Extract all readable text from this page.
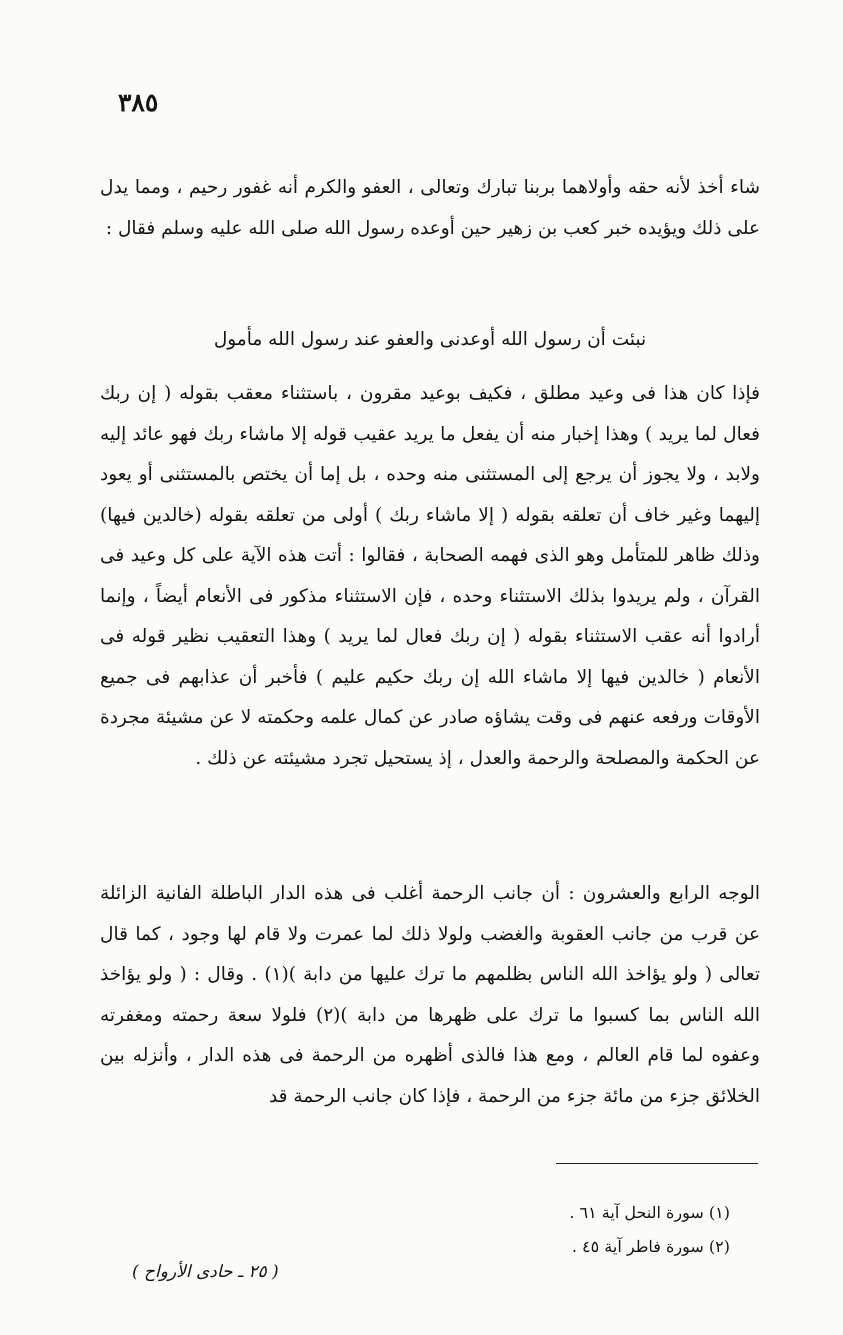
٣٨٥

شاء أخذ لأنه حقه وأولاهما بربنا تبارك وتعالى ، العفو والكرم أنه غفور رحيم ، ومما يدل على ذلك ويؤيده خبر كعب بن زهير حين أوعده رسول الله صلى الله عليه وسلم فقال :

نبئت أن رسول الله أوعدنى والعفو عند رسول الله مأمول

فإذا كان هذا فى وعيد مطلق ، فكيف بوعيد مقرون ، باستثناء معقب بقوله ( إن ربك فعال لما يريد ) وهذا إخبار منه أن يفعل ما يريد عقيب قوله إلا ماشاء ربك فهو عائد إليه ولابد ، ولا يجوز أن يرجع إلى المستثنى منه وحده ، بل إما أن يختص بالمستثنى أو يعود إليهما وغير خاف أن تعلقه بقوله ( إلا ماشاء ربك ) أولى من تعلقه بقوله (خالدين فيها) وذلك ظاهر للمتأمل وهو الذى فهمه الصحابة ، فقالوا : أتت هذه الآية على كل وعيد فى القرآن ، ولم يريدوا بذلك الاستثناء وحده ، فإن الاستثناء مذكور فى الأنعام أيضاً ، وإنما أرادوا أنه عقب الاستثناء بقوله ( إن ربك فعال لما يريد ) وهذا التعقيب نظير قوله فى الأنعام ( خالدين فيها إلا ماشاء الله إن ربك حكيم عليم ) فأخبر أن عذابهم فى جميع الأوقات ورفعه عنهم فى وقت يشاؤه صادر عن كمال علمه وحكمته لا عن مشيئة مجردة عن الحكمة والمصلحة والرحمة والعدل ، إذ يستحيل تجرد مشيئته عن ذلك .

الوجه الرابع والعشرون : أن جانب الرحمة أغلب فى هذه الدار الباطلة الفانية الزائلة عن قرب من جانب العقوبة والغضب ولولا ذلك لما عمرت ولا قام لها وجود ، كما قال تعالى ( ولو يؤاخذ الله الناس بظلمهم ما ترك عليها من دابة )(١) . وقال : ( ولو يؤاخذ الله الناس بما كسبوا ما ترك على ظهرها من دابة )(٢) فلولا سعة رحمته ومغفرته وعفوه لما قام العالم ، ومع هذا فالذى أظهره من الرحمة فى هذه الدار ، وأنزله بين الخلائق جزء من مائة جزء من الرحمة ، فإذا كان جانب الرحمة قد

(١) سورة النحل آية ٦١ .
(٢) سورة فاطر آية ٤٥ .
( ٢٥ ـ حادى الأرواح )
